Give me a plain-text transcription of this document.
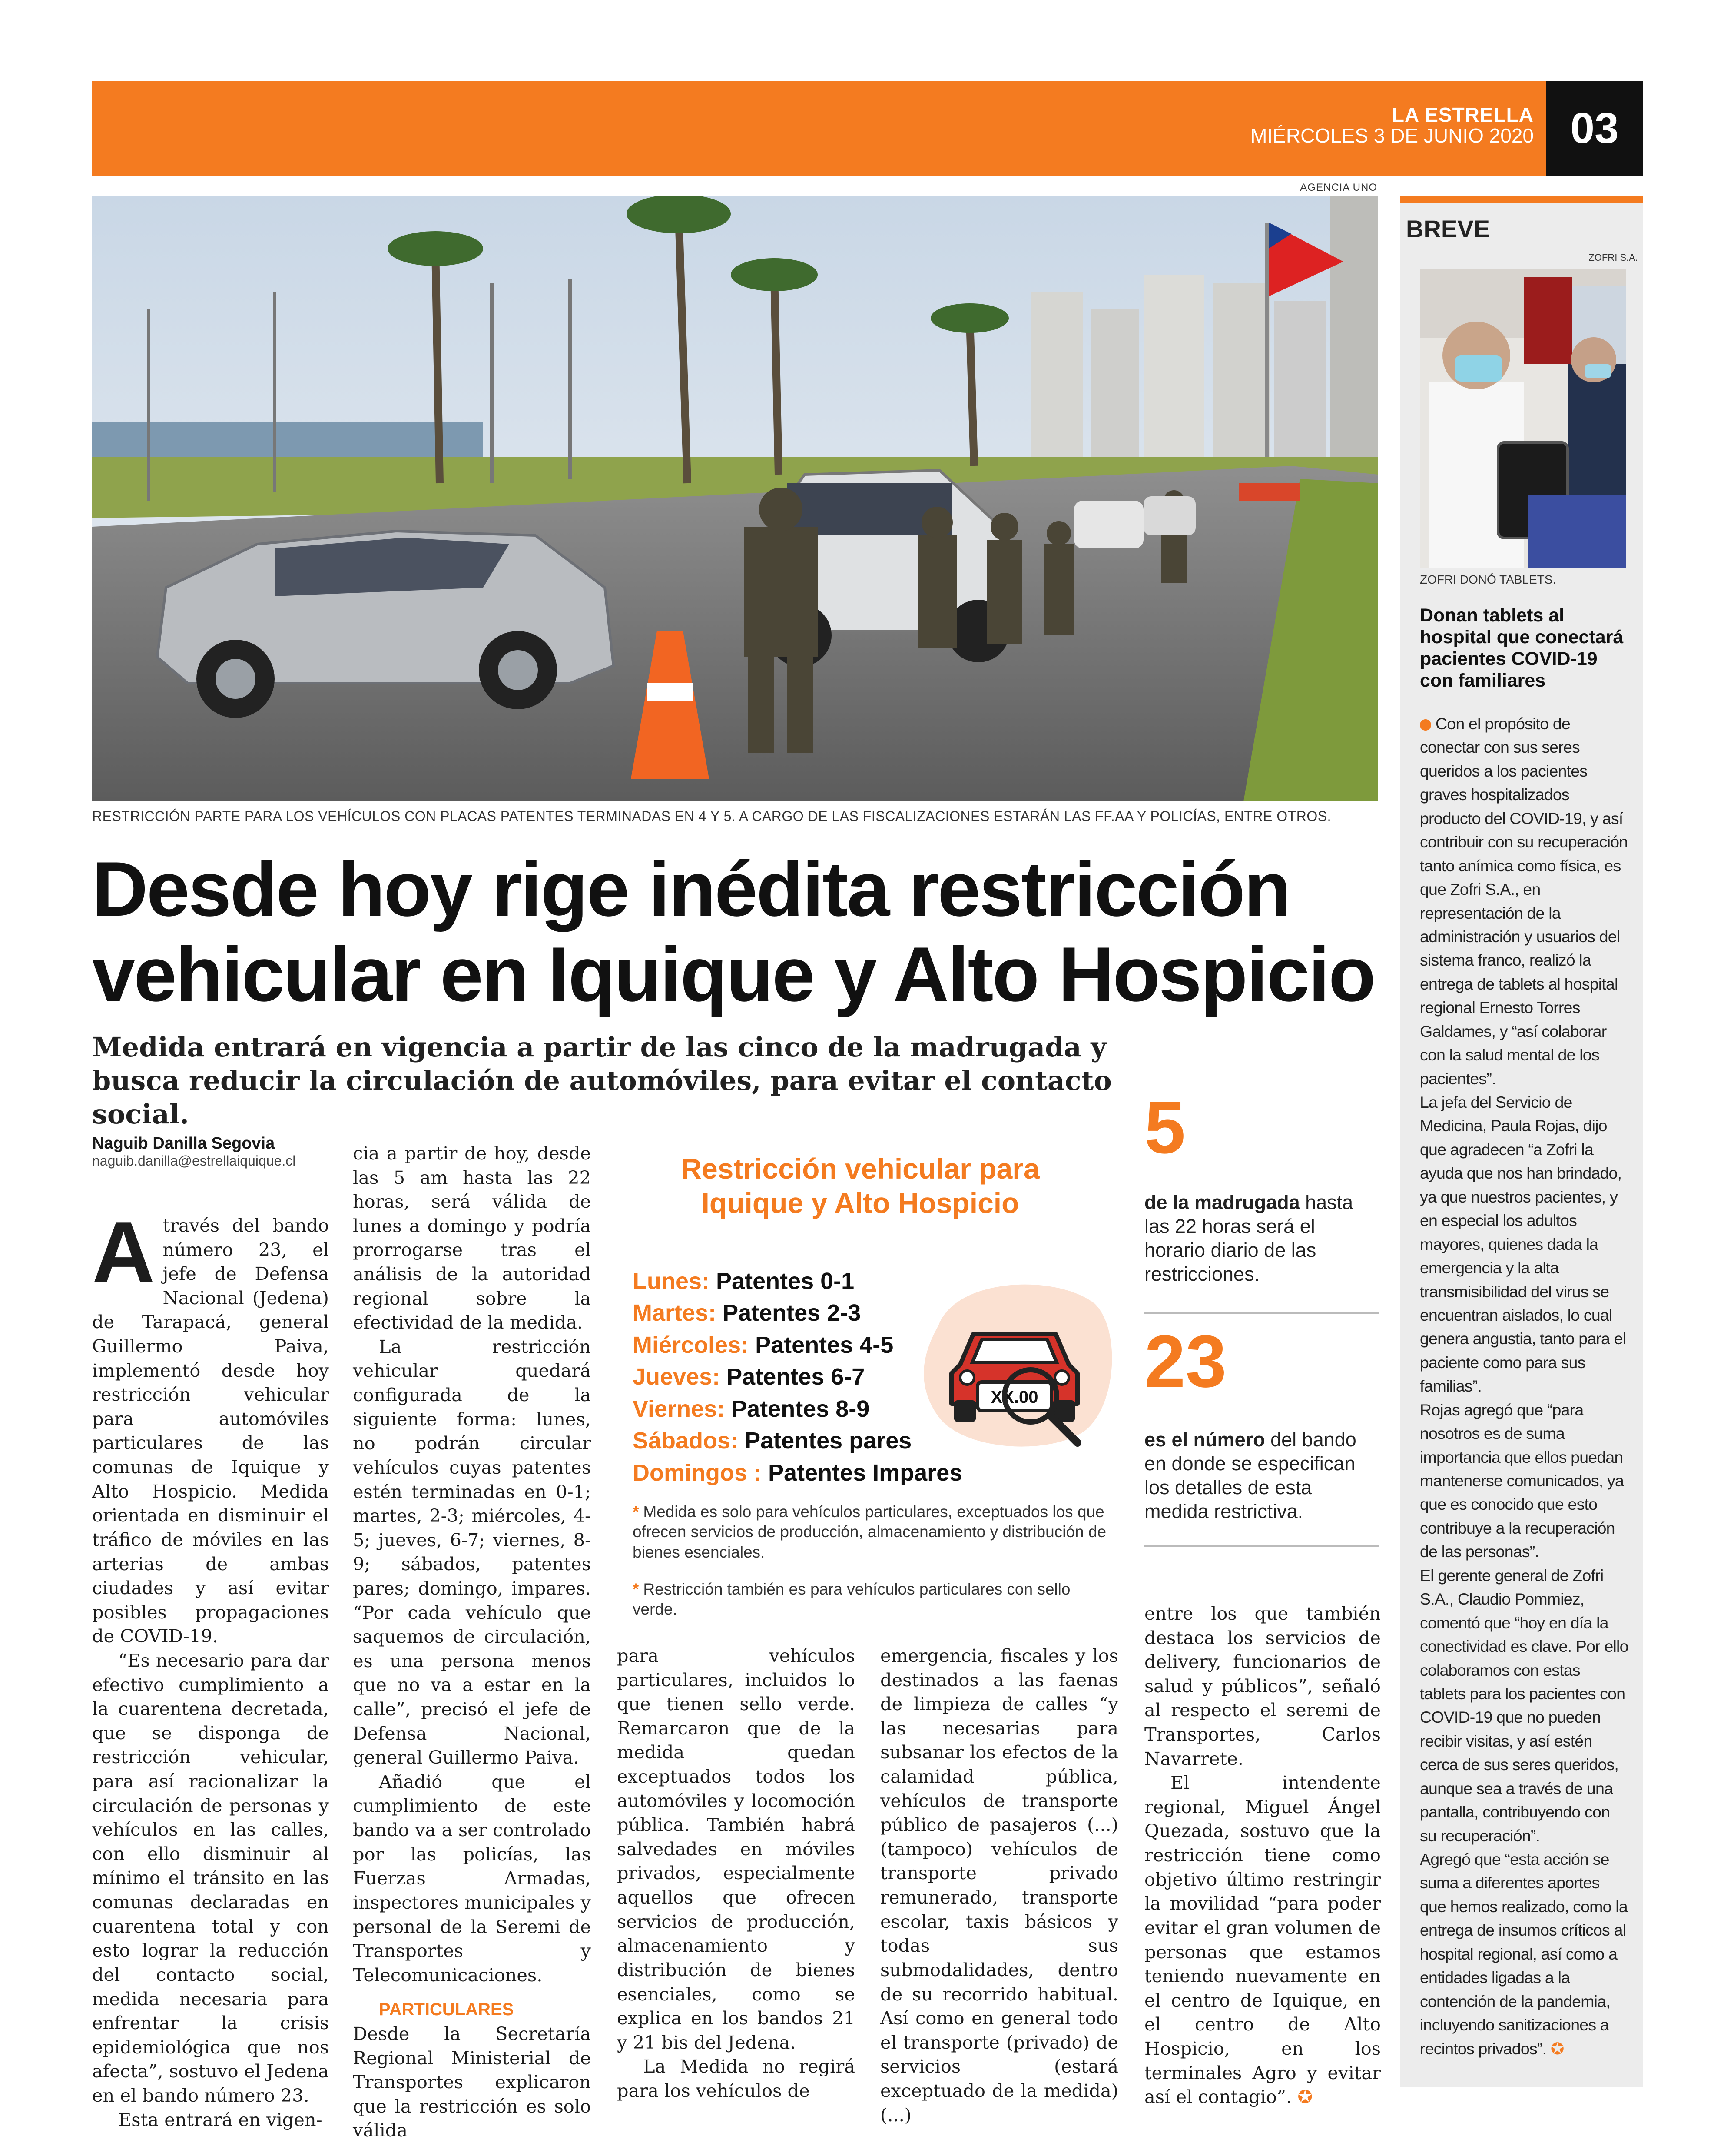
LA ESTRELLA
MIÉRCOLES 3 DE JUNIO 2020 03
AGENCIA UNO
RESTRICCIÓN PARTE PARA LOS VEHÍCULOS CON PLACAS PATENTES TERMINADAS EN 4 Y 5. A CARGO DE LAS FISCALIZACIONES ESTARÁN LAS FF.AA Y POLICÍAS, ENTRE OTROS.
Desde hoy rige inédita restricción
vehicular en Iquique y Alto Hospicio
Medida entrará en vigencia a partir de las cinco de la madrugada y busca reducir la circulación de automóviles, para evitar el contacto social.
Naguib Danilla Segovia
naguib.danilla@estrellaiquique.cl

Através del bando número 23, el jefe de Defensa Nacional (Jedena) de Tarapacá, general Guillermo Paiva, implementó desde hoy restricción vehicular para automóviles particulares de las comunas de Iquique y Alto Hospicio. Medida orientada en disminuir el tráfico de móviles en las arterias de ambas ciudades y así evitar posibles propagaciones de COVID-19.

“Es necesario para dar efectivo cumplimiento a la cuarentena decretada, que se disponga de restricción vehicular, para así racionalizar la circulación de personas y vehículos en las calles, con ello disminuir al mínimo el tránsito en las comunas declaradas en cuarentena total y con esto lograr la reducción del contacto social, medida necesaria para enfrentar la crisis epidemiológica que nos afecta”, sostuvo el Jedena en el bando número 23.

Esta entrará en vigen-

cia a partir de hoy, desde las 5 am hasta las 22 horas, será válida de lunes a domingo y podría prorrogarse tras el análisis de la autoridad regional sobre la efectividad de la medida.

La restricción vehicular quedará configurada de la siguiente forma: lunes, no podrán circular vehículos cuyas patentes estén terminadas en 0-1; martes, 2-3; miércoles, 4-5; jueves, 6-7; viernes, 8-9; sábados, patentes pares; domingo, impares. “Por cada vehículo que saquemos de circulación, es una persona menos que no va a estar en la calle”, precisó el jefe de Defensa Nacional, general Guillermo Paiva.

Añadió que el cumplimiento de este bando va a ser controlado por las policías, las Fuerzas Armadas, inspectores municipales y personal de la Seremi de Transportes y Telecomunicaciones.

PARTICULARES

Desde la Secretaría Regional Ministerial de Transportes explicaron que la restricción es solo válida

Restricción vehicular para
Iquique y Alto Hospicio
XX.00
Lunes: Patentes 0-1
Martes: Patentes 2-3
Miércoles: Patentes 4-5
Jueves: Patentes 6-7
Viernes: Patentes 8-9
Sábados: Patentes pares
Domingos : Patentes Impares
* Medida es solo para vehículos particulares, exceptuados los que ofrecen servicios de producción, almacenamiento y distribución de bienes esenciales.
* Restricción también es para vehículos particulares con sello verde.
5
de la madrugada hasta las 22 horas será el horario diario de las restricciones.
23
es el número del bando en donde se especifican los detalles de esta medida restrictiva.

para vehículos particulares, incluidos lo que tienen sello verde. Remarcaron que de la medida quedan exceptuados todos los automóviles y locomoción pública. También habrá salvedades en móviles privados, especialmente aquellos que ofrecen servicios de producción, almacenamiento y distribución de bienes esenciales, como se explica en los bandos 21 y 21 bis del Jedena.

La Medida no regirá para los vehículos de

emergencia, fiscales y los destinados a las faenas de limpieza de calles “y las necesarias para subsanar los efectos de la calamidad pública, vehículos de transporte público de pasajeros (...) (tampoco) vehículos de transporte privado remunerado, transporte escolar, taxis básicos y todas sus submodalidades, dentro de su recorrido habitual. Así como en general todo el transporte (privado) de servicios (estará exceptuado de la medida) (...)

entre los que también destaca los servicios de delivery, funcionarios de salud y públicos”, señaló al respecto el seremi de Transportes, Carlos Navarrete.

El intendente regional, Miguel Ángel Quezada, sostuvo que la restricción tiene como objetivo último restringir la movilidad “para poder evitar el gran volumen de personas que estamos teniendo nuevamente en el centro de Iquique, en el centro de Alto Hospicio, en los terminales Agro y evitar así el contagio”. ✪

BREVE
ZOFRI S.A.
ZOFRI DONÓ TABLETS.
Donan tablets al hospital que conectará pacientes COVID-19 con familiares

Con el propósito de conectar con sus seres queridos a los pacientes graves hospitalizados producto del COVID-19, y así contribuir con su recuperación tanto anímica como física, es que Zofri S.A., en representación de la administración y usuarios del sistema franco, realizó la entrega de tablets al hospital regional Ernesto Torres Galdames, y “así colaborar con la salud mental de los pacientes”.

La jefa del Servicio de Medicina, Paula Rojas, dijo que agradecen “a Zofri la ayuda que nos han brindado, ya que nuestros pacientes, y en especial los adultos mayores, quienes dada la emergencia y la alta transmisibilidad del virus se encuentran aislados, lo cual genera angustia, tanto para el paciente como para sus familias”.

Rojas agregó que “para nosotros es de suma importancia que ellos puedan mantenerse comunicados, ya que es conocido que esto contribuye a la recuperación de las personas”.

El gerente general de Zofri S.A., Claudio Pommiez, comentó que “hoy en día la conectividad es clave. Por ello colaboramos con estas tablets para los pacientes con COVID-19 que no pueden recibir visitas, y así estén cerca de sus seres queridos, aunque sea a través de una pantalla, contribuyendo con su recuperación”.

Agregó que “esta acción se suma a diferentes aportes que hemos realizado, como la entrega de insumos críticos al hospital regional, así como a entidades ligadas a la contención de la pandemia, incluyendo sanitizaciones a recintos privados”. ✪
